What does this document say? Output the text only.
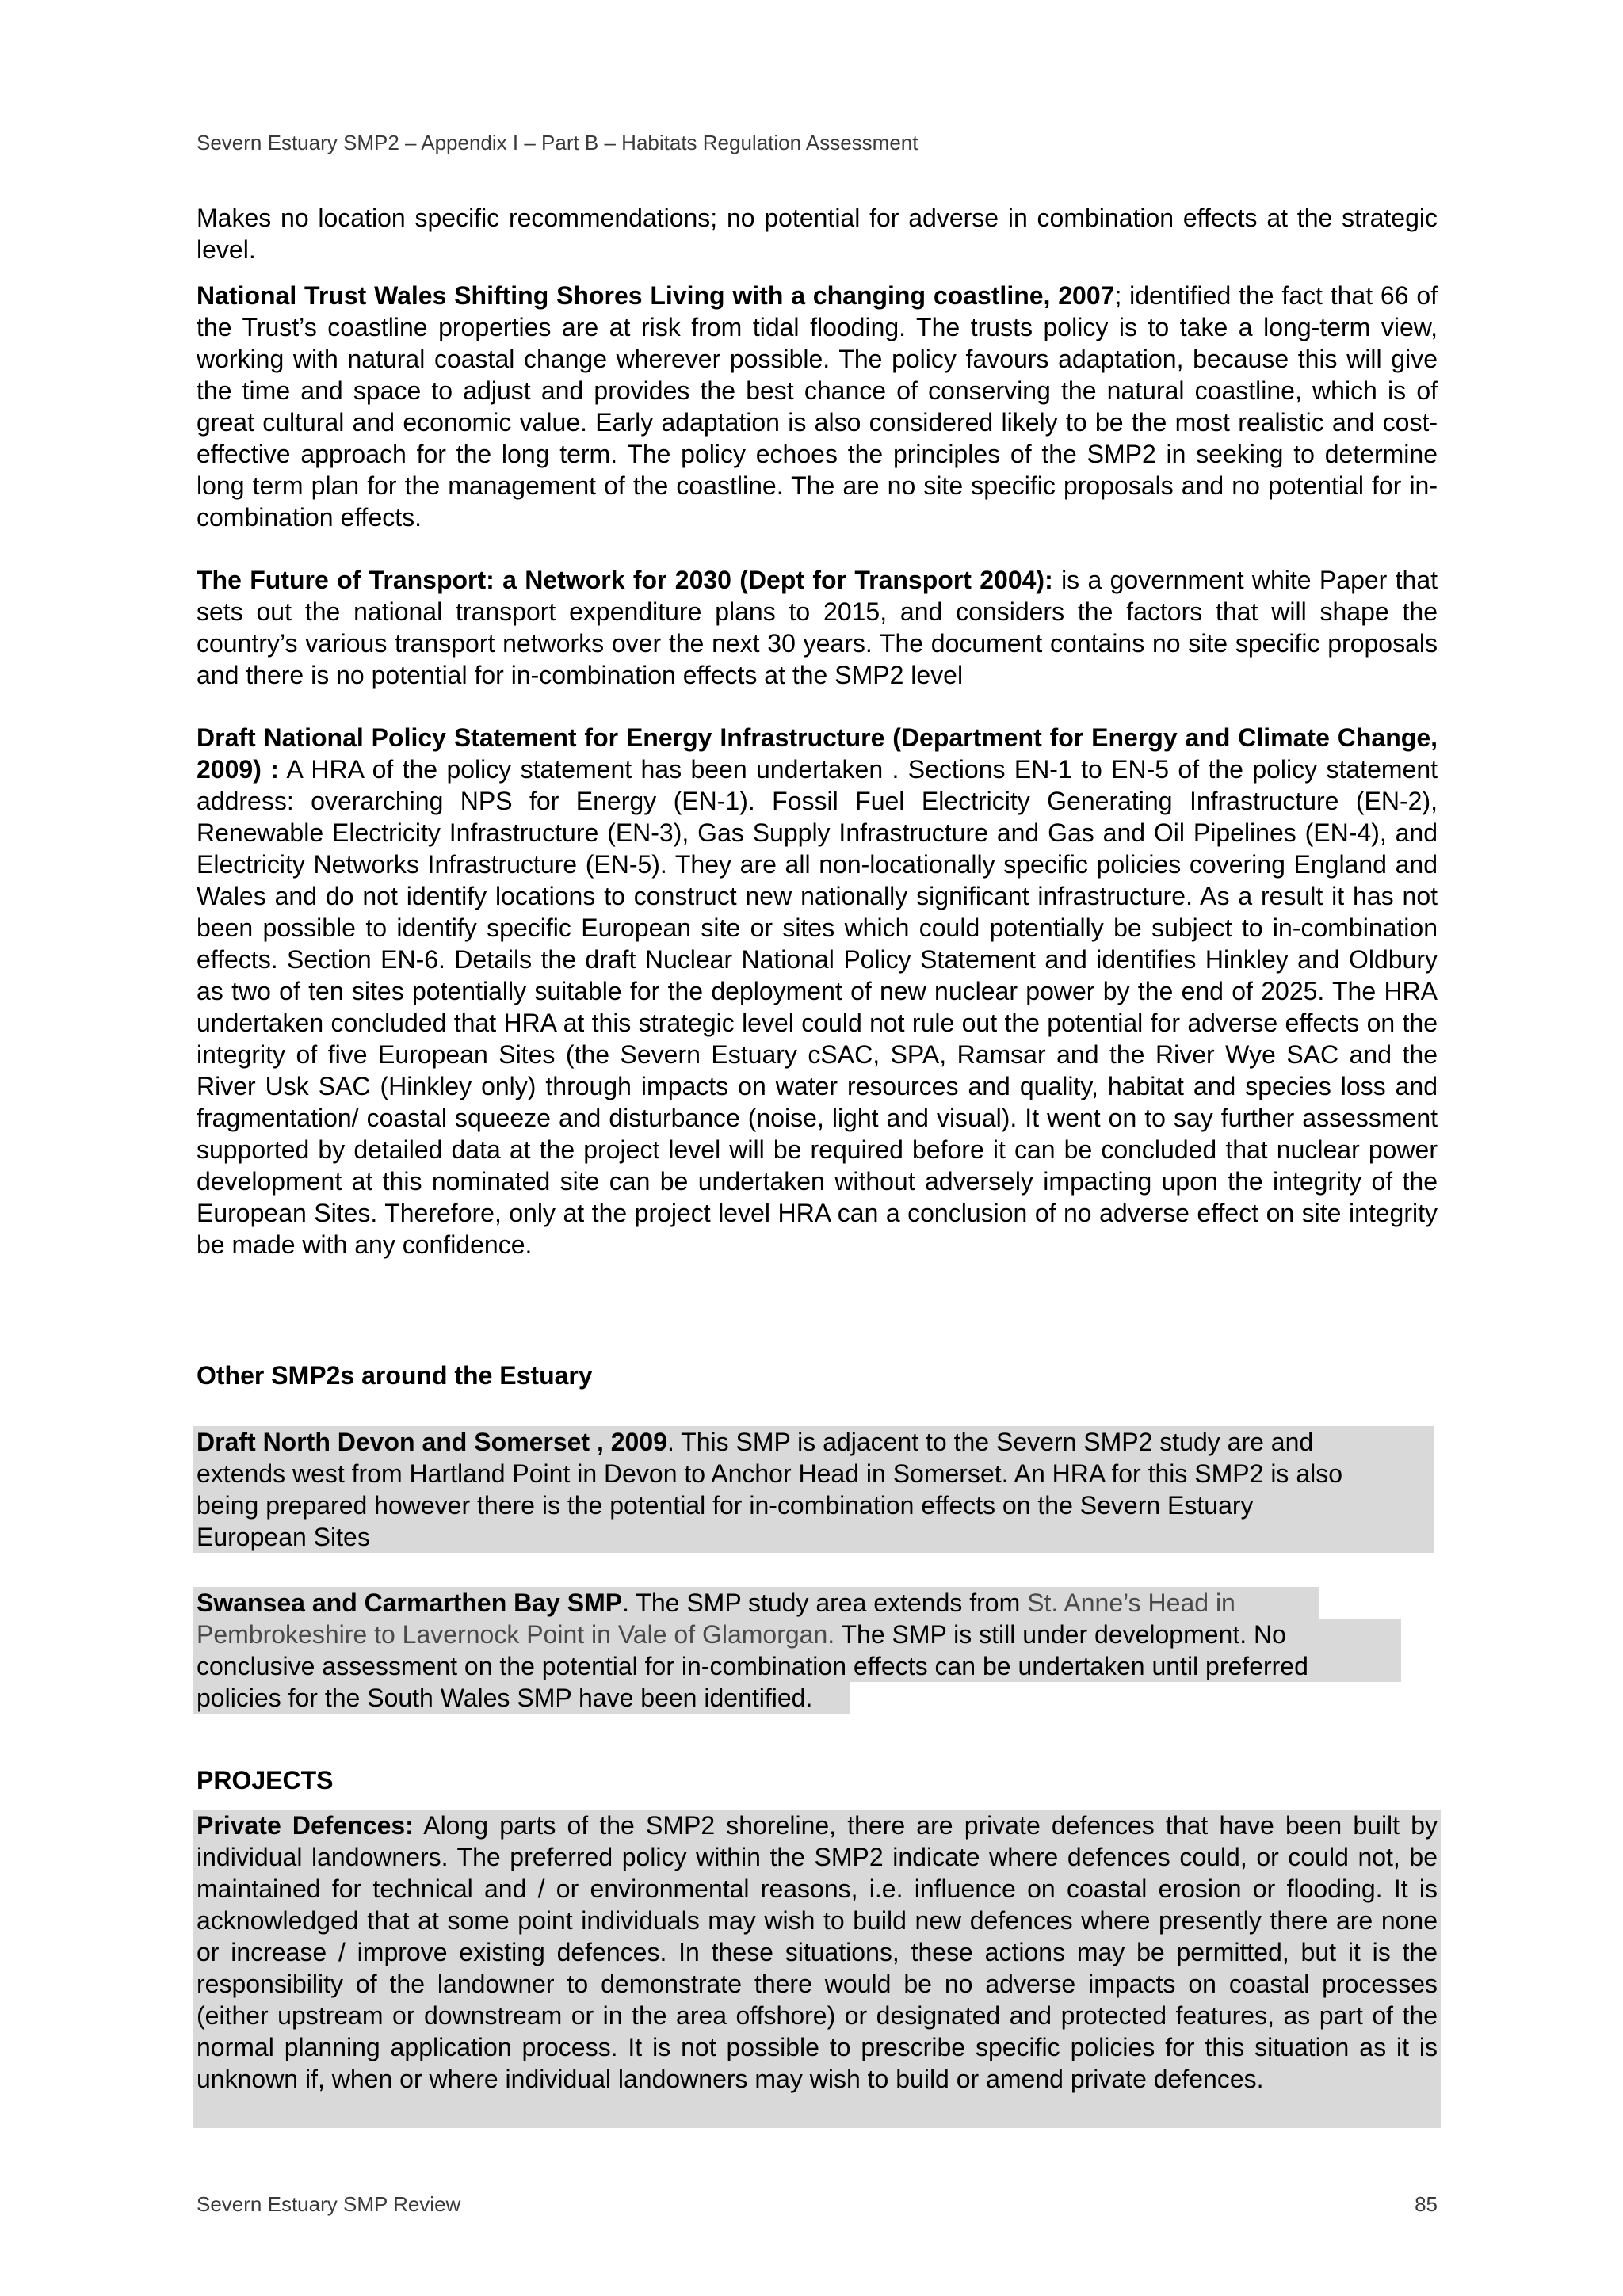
Severn Estuary SMP2 – Appendix I – Part B – Habitats Regulation Assessment

Makes no location specific recommendations; no potential for adverse in combination effects at the strategic level.

National Trust Wales Shifting Shores Living with a changing coastline, 2007; identified the fact that 66 of the Trust’s coastline properties are at risk from tidal flooding. The trusts policy is to take a long-term view, working with natural coastal change wherever possible. The policy favours adaptation, because this will give the time and space to adjust and provides the best chance of conserving the natural coastline, which is of great cultural and economic value. Early adaptation is also considered likely to be the most realistic and cost-effective approach for the long term. The policy echoes the principles of the SMP2 in seeking to determine long term plan for the management of the coastline. The are no site specific proposals and no potential for in-combination effects.

The Future of Transport: a Network for 2030 (Dept for Transport 2004): is a government white Paper that sets out the national transport expenditure plans to 2015, and considers the factors that will shape the country’s various transport networks over the next 30 years. The document contains no site specific proposals and there is no potential for in-combination effects at the SMP2 level

Draft National Policy Statement for Energy Infrastructure (Department for Energy and Climate Change, 2009) : A HRA of the policy statement has been undertaken . Sections EN-1 to EN-5 of the policy statement address: overarching NPS for Energy (EN-1). Fossil Fuel Electricity Generating Infrastructure (EN-2), Renewable Electricity Infrastructure (EN-3), Gas Supply Infrastructure and Gas and Oil Pipelines (EN-4), and Electricity Networks Infrastructure (EN-5). They are all non-locationally specific policies covering England and Wales and do not identify locations to construct new nationally significant infrastructure. As a result it has not been possible to identify specific European site or sites which could potentially be subject to in-combination effects. Section EN-6. Details the draft Nuclear National Policy Statement and identifies Hinkley and Oldbury as two of ten sites potentially suitable for the deployment of new nuclear power by the end of 2025. The HRA undertaken concluded that HRA at this strategic level could not rule out the potential for adverse effects on the integrity of five European Sites (the Severn Estuary cSAC, SPA, Ramsar and the River Wye SAC and the River Usk SAC (Hinkley only) through impacts on water resources and quality, habitat and species loss and fragmentation/ coastal squeeze and disturbance (noise, light and visual). It went on to say further assessment supported by detailed data at the project level will be required before it can be concluded that nuclear power development at this nominated site can be undertaken without adversely impacting upon the integrity of the European Sites. Therefore, only at the project level HRA can a conclusion of no adverse effect on site integrity be made with any confidence.

Other SMP2s around the Estuary

Draft North Devon and Somerset , 2009. This SMP is adjacent to the Severn SMP2 study are and
extends west from Hartland Point in Devon to Anchor Head in Somerset. An HRA for this SMP2 is also
being prepared however there is the potential for in-combination effects on the Severn Estuary
European Sites
Swansea and Carmarthen Bay SMP. The SMP study area extends from St. Anne’s Head in
Pembrokeshire to Lavernock Point in Vale of Glamorgan. The SMP is still under development. No
conclusive assessment on the potential for in-combination effects can be undertaken until preferred
policies for the South Wales SMP have been identified.

PROJECTS

Private Defences: Along parts of the SMP2 shoreline, there are private defences that have been built by individual landowners. The preferred policy within the SMP2 indicate where defences could, or could not, be maintained for technical and / or environmental reasons, i.e. influence on coastal erosion or flooding. It is acknowledged that at some point individuals may wish to build new defences where presently there are none or increase / improve existing defences. In these situations, these actions may be permitted, but it is the responsibility of the landowner to demonstrate there would be no adverse impacts on coastal processes (either upstream or downstream or in the area offshore) or designated and protected features, as part of the normal planning application process. It is not possible to prescribe specific policies for this situation as it is unknown if, when or where individual landowners may wish to build or amend private defences.
Severn Estuary SMP Review	85
